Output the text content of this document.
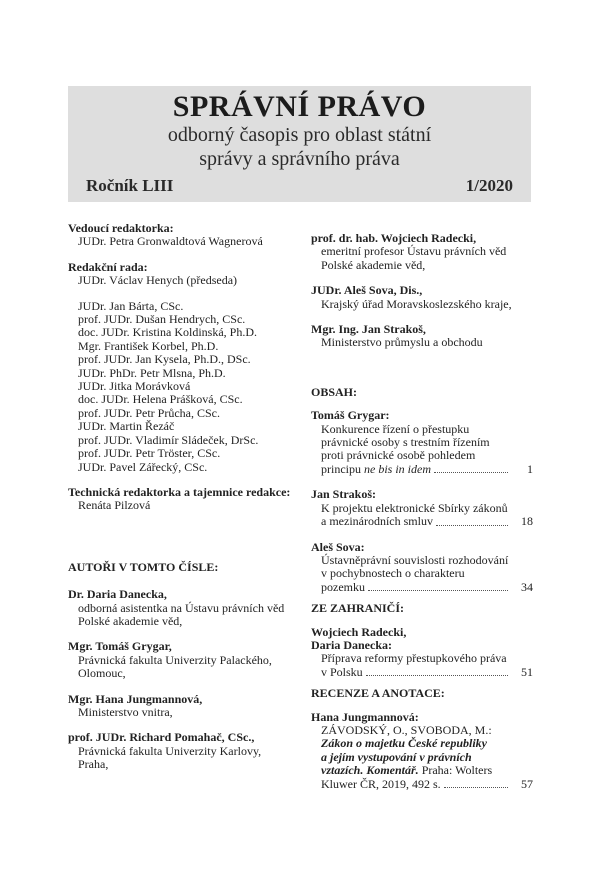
SPRÁVNÍ PRÁVO
odborný časopis pro oblast státní
správy a správního práva
Ročník LIII	1/2020
Vedoucí redaktorka:
JUDr. Petra Gronwaldtová Wagnerová
Redakční rada:
JUDr. Václav Henych (předseda)
JUDr. Jan Bárta, CSc.
prof. JUDr. Dušan Hendrych, CSc.
doc. JUDr. Kristina Koldinská, Ph.D.
Mgr. František Korbel, Ph.D.
prof. JUDr. Jan Kysela, Ph.D., DSc.
JUDr. PhDr. Petr Mlsna, Ph.D.
JUDr. Jitka Morávková
doc. JUDr. Helena Prášková, CSc.
prof. JUDr. Petr Průcha, CSc.
JUDr. Martin Řezáč
prof. JUDr. Vladimír Sládeček, DrSc.
prof. JUDr. Petr Tröster, CSc.
JUDr. Pavel Zářecký, CSc.
Technická redaktorka a tajemnice redakce:
Renáta Pilzová
AUTOŘI V TOMTO ČÍSLE:
Dr. Daria Danecka,
odborná asistentka na Ústavu právních věd
Polské akademie věd,
Mgr. Tomáš Grygar,
Právnická fakulta Univerzity Palackého,
Olomouc,
Mgr. Hana Jungmannová,
Ministerstvo vnitra,
prof. JUDr. Richard Pomahač, CSc.,
Právnická fakulta Univerzity Karlovy,
Praha,
prof. dr. hab. Wojciech Radecki,
emeritní profesor Ústavu právních věd
Polské akademie věd,
JUDr. Aleš Sova, Dis.,
Krajský úřad Moravskoslezského kraje,
Mgr. Ing. Jan Strakoš,
Ministerstvo průmyslu a obchodu
OBSAH:
Tomáš Grygar:
Konkurence řízení o přestupku
právnické osoby s trestním řízením
proti právnické osobě pohledem
principu ne bis in idem	1
Jan Strakoš:
K projektu elektronické Sbírky zákonů
a mezinárodních smluv	18
Aleš Sova:
Ústavněprávní souvislosti rozhodování
v pochybnostech o charakteru
pozemku	34
ZE ZAHRANIČÍ:
Wojciech Radecki,
Daria Danecka:
Příprava reformy přestupkového práva
v Polsku	51
RECENZE A ANOTACE:
Hana Jungmannová:
ZÁVODSKÝ, O., SVOBODA, M.:
Zákon o majetku České republiky
a jejím vystupování v právních
vztazích. Komentář. Praha: Wolters
Kluwer ČR, 2019, 492 s.	57
